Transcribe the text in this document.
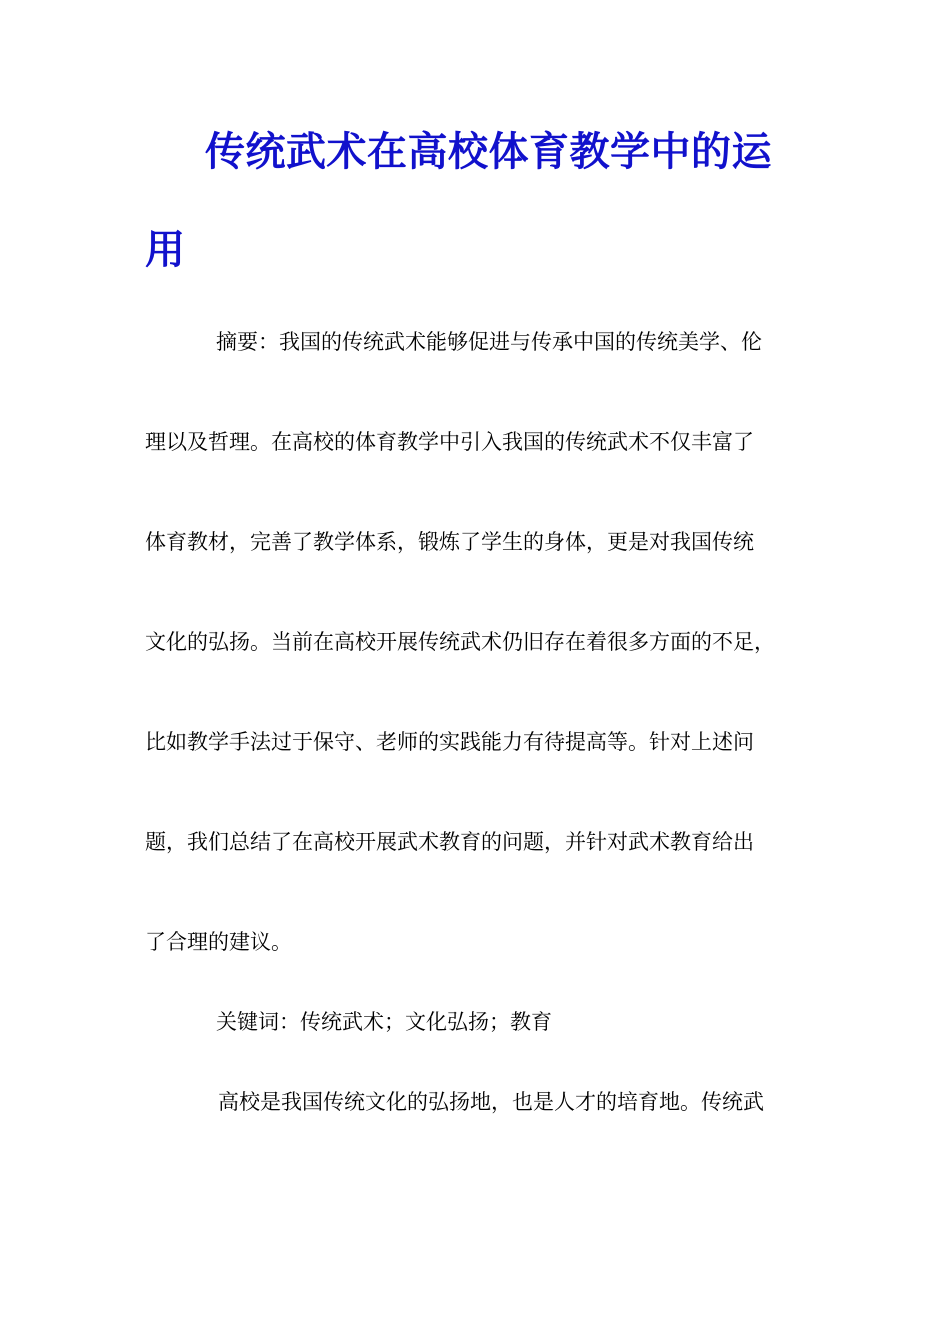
传统武术在高校体育教学中的运
用
摘要：我国的传统武术能够促进与传承中国的传统美学、伦
理以及哲理。在高校的体育教学中引入我国的传统武术不仅丰富了
体育教材，完善了教学体系，锻炼了学生的身体，更是对我国传统
文化的弘扬。当前在高校开展传统武术仍旧存在着很多方面的不足，
比如教学手法过于保守、老师的实践能力有待提高等。针对上述问
题，我们总结了在高校开展武术教育的问题，并针对武术教育给出
了合理的建议。
关键词：传统武术；文化弘扬；教育
高校是我国传统文化的弘扬地，也是人才的培育地。传统武
